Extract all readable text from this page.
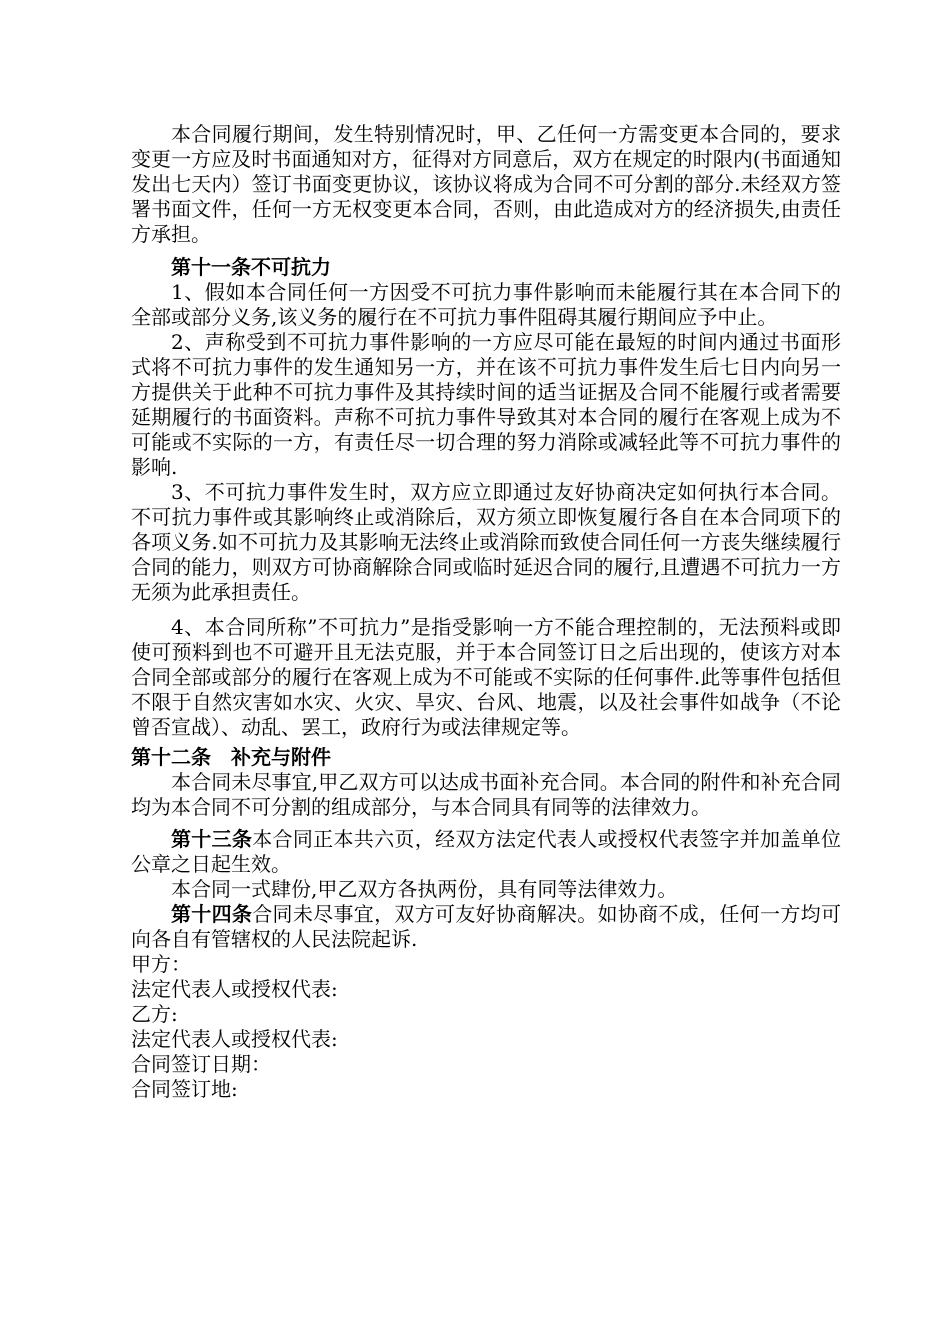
本合同履行期间，发生特别情况时，甲、乙任何一方需变更本合同的，要求变更一方应及时书面通知对方，征得对方同意后，双方在规定的时限内(书面通知发出七天内）签订书面变更协议，该协议将成为合同不可分割的部分.未经双方签署书面文件，任何一方无权变更本合同，否则，由此造成对方的经济损失,由责任方承担。

第十一条不可抗力

1、假如本合同任何一方因受不可抗力事件影响而未能履行其在本合同下的全部或部分义务,该义务的履行在不可抗力事件阻碍其履行期间应予中止。

2、声称受到不可抗力事件影响的一方应尽可能在最短的时间内通过书面形式将不可抗力事件的发生通知另一方，并在该不可抗力事件发生后七日内向另一方提供关于此种不可抗力事件及其持续时间的适当证据及合同不能履行或者需要延期履行的书面资料。声称不可抗力事件导致其对本合同的履行在客观上成为不可能或不实际的一方，有责任尽一切合理的努力消除或减轻此等不可抗力事件的影响.

3、不可抗力事件发生时，双方应立即通过友好协商决定如何执行本合同。不可抗力事件或其影响终止或消除后，双方须立即恢复履行各自在本合同项下的各项义务.如不可抗力及其影响无法终止或消除而致使合同任何一方丧失继续履行合同的能力，则双方可协商解除合同或临时延迟合同的履行,且遭遇不可抗力一方无须为此承担责任。

4、本合同所称”不可抗力”是指受影响一方不能合理控制的，无法预料或即使可预料到也不可避开且无法克服，并于本合同签订日之后出现的，使该方对本合同全部或部分的履行在客观上成为不可能或不实际的任何事件.此等事件包括但不限于自然灾害如水灾、火灾、旱灾、台风、地震，以及社会事件如战争（不论曾否宣战）、动乱、罢工，政府行为或法律规定等。

第十二条 补充与附件

本合同未尽事宜,甲乙双方可以达成书面补充合同。本合同的附件和补充合同均为本合同不可分割的组成部分，与本合同具有同等的法律效力。

第十三条本合同正本共六页，经双方法定代表人或授权代表签字并加盖单位公章之日起生效。

本合同一式肆份,甲乙双方各执两份，具有同等法律效力。

第十四条合同未尽事宜，双方可友好协商解决。如协商不成，任何一方均可向各自有管辖权的人民法院起诉.

甲方：

法定代表人或授权代表:

乙方:

法定代表人或授权代表:

合同签订日期：

合同签订地:
